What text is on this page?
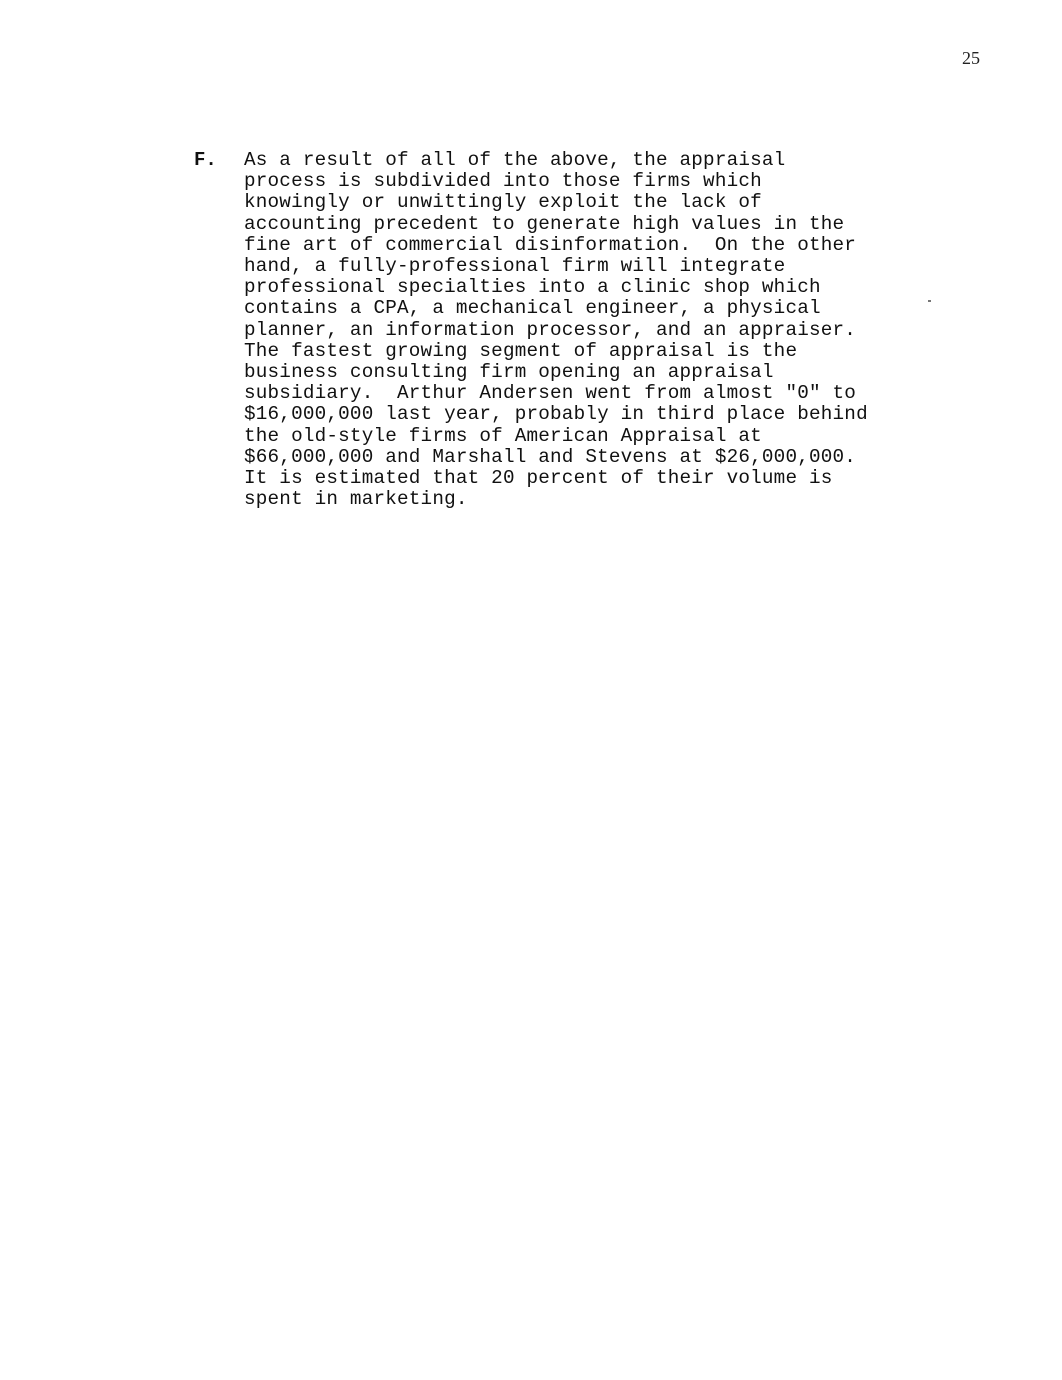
25
F. As a result of all of the above, the appraisal
process is subdivided into those firms which
knowingly or unwittingly exploit the lack of
accounting precedent to generate high values in the
fine art of commercial disinformation.  On the other
hand, a fully-professional firm will integrate
professional specialties into a clinic shop which
contains a CPA, a mechanical engineer, a physical
planner, an information processor, and an appraiser.
The fastest growing segment of appraisal is the
business consulting firm opening an appraisal
subsidiary.  Arthur Andersen went from almost "0" to
$16,000,000 last year, probably in third place behind
the old-style firms of American Appraisal at
$66,000,000 and Marshall and Stevens at $26,000,000.
It is estimated that 20 percent of their volume is
spent in marketing.
